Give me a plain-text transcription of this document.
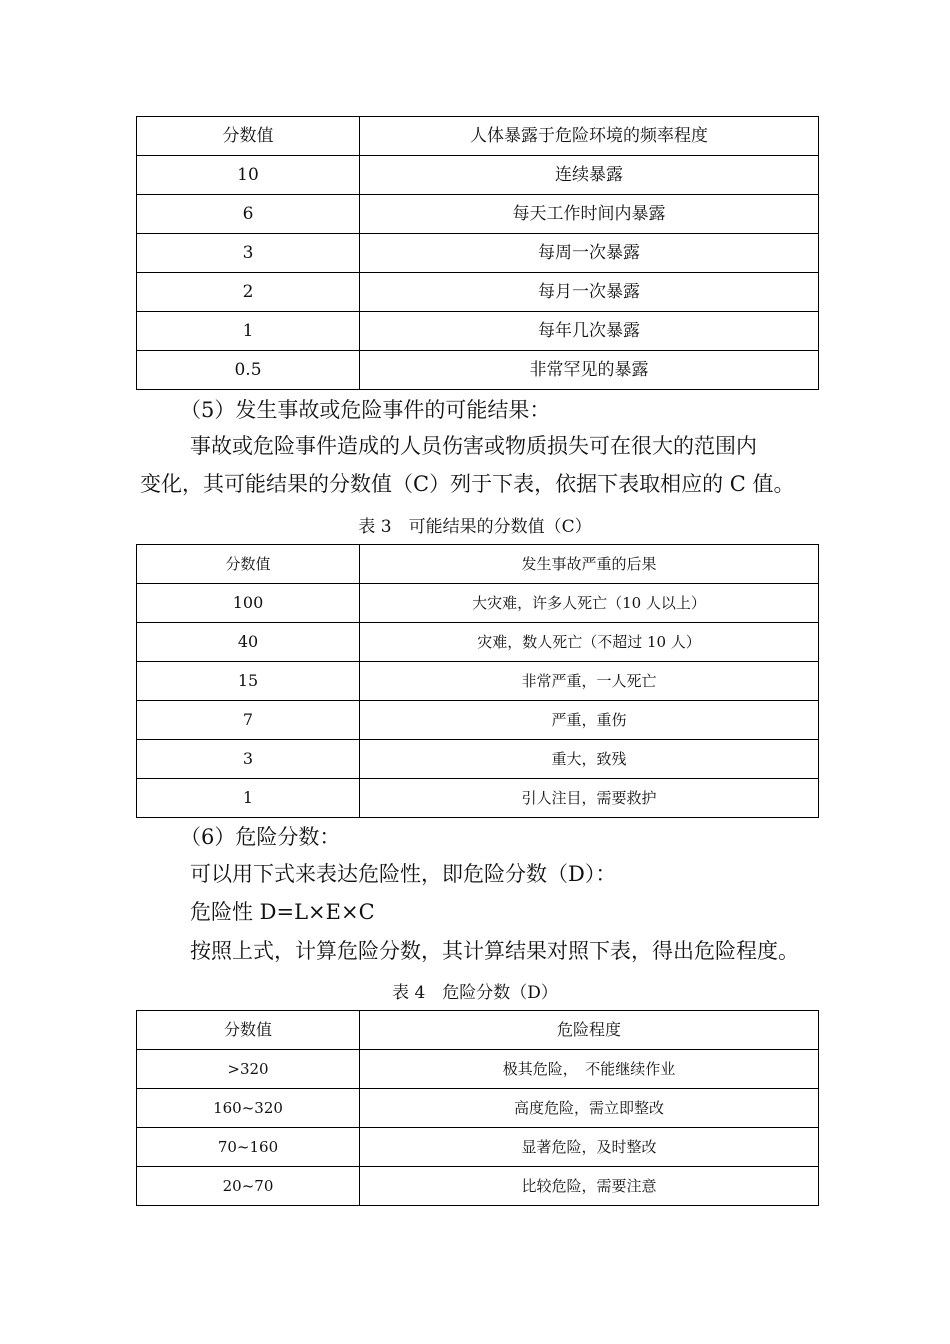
分数值	人体暴露于危险环境的频率程度
10	连续暴露
6	每天工作时间内暴露
3	每周一次暴露
2	每月一次暴露
1	每年几次暴露
0.5	非常罕见的暴露

（5）发生事故或危险事件的可能结果：

事故或危险事件造成的人员伤害或物质损失可在很大的范围内

变化，其可能结果的分数值（C）列于下表，依据下表取相应的 C 值。

表 3　可能结果的分数值（C）

分数值	发生事故严重的后果
100	大灾难，许多人死亡（10 人以上）
40	灾难，数人死亡（不超过 10 人）
15	非常严重，一人死亡
7	严重，重伤
3	重大，致残
1	引人注目，需要救护

（6）危险分数：

可以用下式来表达危险性，即危险分数（D）：

危险性 D=L×E×C

按照上式，计算危险分数，其计算结果对照下表，得出危险程度。

表 4　危险分数（D）

分数值	危险程度
>320	极其危险，　不能继续作业
160~320	高度危险，需立即整改
70~160	显著危险，及时整改
20~70	比较危险，需要注意
